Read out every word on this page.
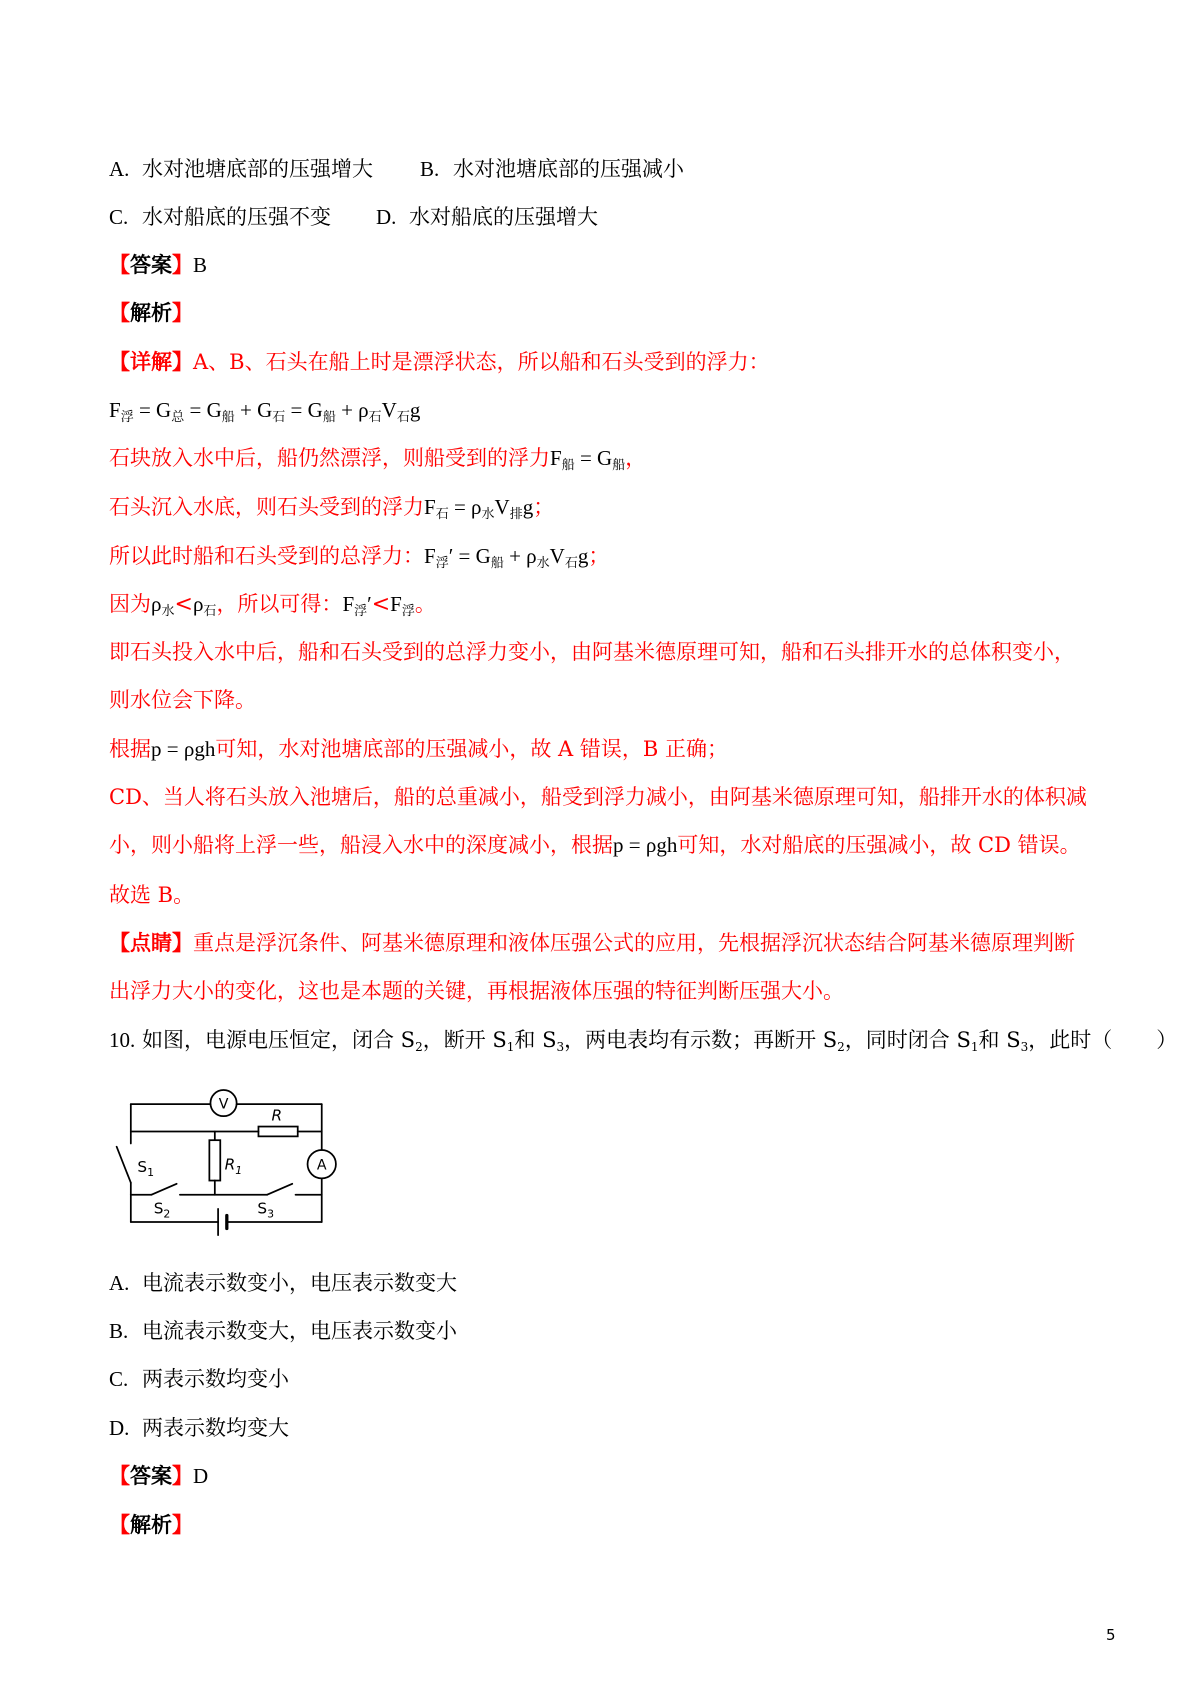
A. 水对池塘底部的压强增大 B. 水对池塘底部的压强减小
C. 水对船底的压强不变 D. 水对船底的压强增大
【答案】B
【解析】
【详解】A、B、石头在船上时是漂浮状态，所以船和石头受到的浮力：
$F_浮 = G_总 = G_船 + G_石 = G_船 + \rho_石V_石g$
石块放入水中后，船仍然漂浮，则船受到的浮力$F_船 = G_船$，
石头沉入水底，则石头受到的浮力$F_石 = \rho_水V_排g$；
所以此时船和石头受到的总浮力：$F_浮' = G_船 + \rho_水V_石g$；
因为$\rho_水<\rho_石$，所以可得：$F_浮'<F_浮$。
即石头投入水中后，船和石头受到的总浮力变小，由阿基米德原理可知，船和石头排开水的总体积变小，
则水位会下降。
根据p = ρgh可知，水对池塘底部的压强减小，故 A 错误，B 正确；
CD、当人将石头放入池塘后，船的总重减小，船受到浮力减小，由阿基米德原理可知，船排开水的体积减
小，则小船将上浮一些，船浸入水中的深度减小，根据p = ρgh可知，水对船底的压强减小，故 CD 错误。
故选 B。
【点睛】重点是浮沉条件、阿基米德原理和液体压强公式的应用，先根据浮沉状态结合阿基米德原理判断
出浮力大小的变化，这也是本题的关键，再根据液体压强的特征判断压强大小。
10. 如图，电源电压恒定，闭合 S2，断开 S1和 S3，两电表均有示数；再断开 S2，同时闭合 S1和 S3，此时（ ）
V
A
R
$R_1$
$S_1$
$S_2$	$S_3$
A. 电流表示数变小，电压表示数变大
B. 电流表示数变大，电压表示数变小
C. 两表示数均变小
D. 两表示数均变大
【答案】D
【解析】
5
